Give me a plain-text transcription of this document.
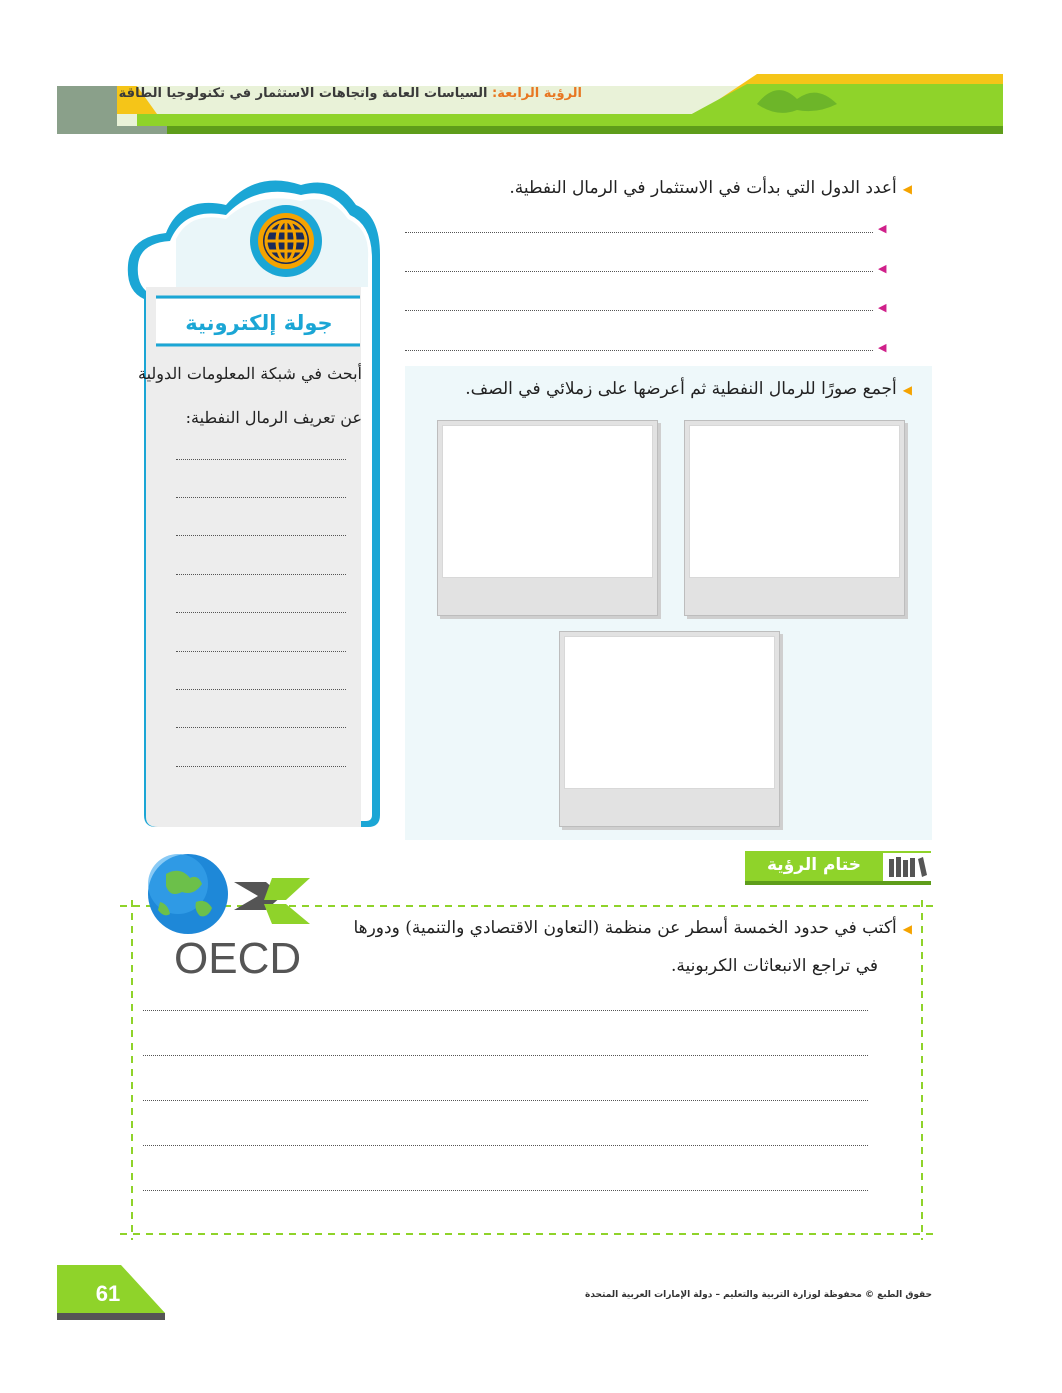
الرؤية الرابعة: السياسات العامة واتجاهات الاستثمار في تكنولوجيا الطاقة
◀أعدد الدول التي بدأت في الاستثمار في الرمال النفطية.
◀
◀
◀
◀
◀أجمع صورًا للرمال النفطية ثم أعرضها على زملائي في الصف.
جولة إلكترونية
أبحث في شبكة المعلومات الدولية
عن تعريف الرمال النفطية:
ختام الرؤية
OECD
◀أكتب في حدود الخمسة أسطر عن منظمة (التعاون الاقتصادي والتنمية) ودورها
في تراجع الانبعاثات الكربونية.
61	حقوق الطبع © محفوظة لوزارة التربية والتعليم – دولة الإمارات العربية المتحدة
